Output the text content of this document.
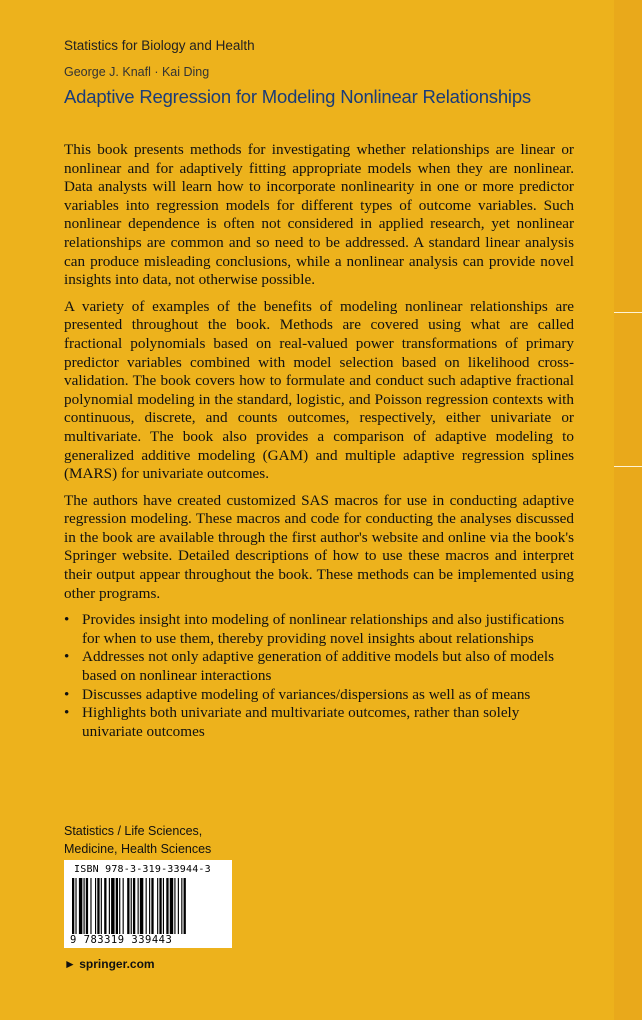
Statistics for Biology and Health
George J. Knafl · Kai Ding
Adaptive Regression for Modeling Nonlinear Relationships

This book presents methods for investigating whether relationships are linear or nonlinear and for adaptively fitting appropriate models when they are nonlinear. Data analysts will learn how to incorporate nonlinearity in one or more predictor variables into regression models for different types of outcome variables. Such nonlinear dependence is often not considered in applied research, yet nonlinear relationships are common and so need to be addressed. A standard linear analysis can produce misleading conclusions, while a nonlinear analysis can provide novel insights into data, not otherwise possible.

A variety of examples of the benefits of modeling nonlinear relationships are presented throughout the book. Methods are covered using what are called fractional polynomials based on real-valued power transformations of primary predictor variables combined with model selection based on likelihood cross-validation. The book covers how to formulate and conduct such adaptive fractional polynomial modeling in the standard, logistic, and Poisson regression contexts with continuous, discrete, and counts outcomes, respectively, either univariate or multivariate. The book also provides a comparison of adaptive modeling to generalized additive modeling (GAM) and multiple adaptive regression splines (MARS) for univariate outcomes.

The authors have created customized SAS macros for use in conducting adaptive regression modeling. These macros and code for conducting the analyses discussed in the book are available through the first author's website and online via the book's Springer website. Detailed descriptions of how to use these macros and interpret their output appear throughout the book. These methods can be implemented using other programs.

• Provides insight into modeling of nonlinear relationships and also justifications for when to use them, thereby providing novel insights about relationships
• Addresses not only adaptive generation of additive models but also of models based on nonlinear interactions
• Discusses adaptive modeling of variances/dispersions as well as of means
• Highlights both univariate and multivariate outcomes, rather than solely univariate outcomes
Statistics / Life Sciences,
Medicine, Health Sciences
ISBN 978-3-319-33944-3
9 783319 339443
► springer.com
